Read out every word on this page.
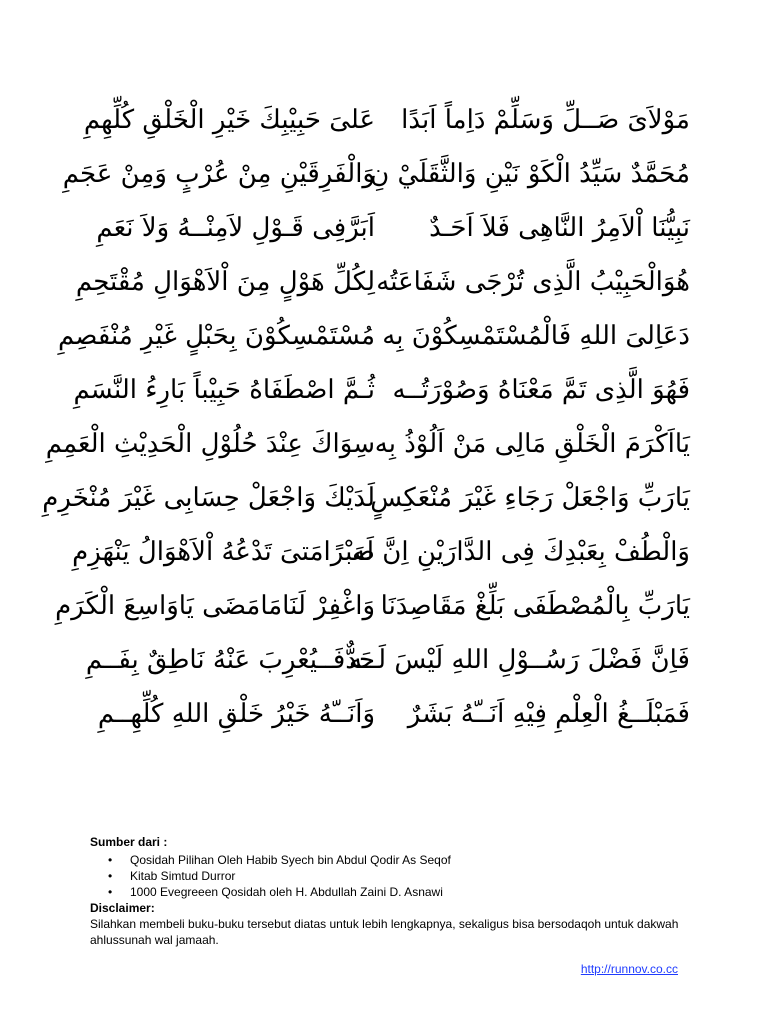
مَوْلاَىَ صَــلِّ وَسَلِّمْ دَاِماً اَبَدًا
عَلىَ حَبِيْبِكَ خَيْرِ الْخَلْقِ كُلِّهِمِ
مُحَمَّدٌ سَيِّدُ الْكَوْ نَيْنِ وَالثَّقَلَيْ نِ
وَالْفَرِقَيْنِ مِنْ عُرْبٍ وَمِنْ عَجَمِ
نَبِيُّنَا اْلاَمِرُ النَّاهِى فَلاَ اَحَـدٌ
اَبَرَّفِى قَـوْلِ لاَمِنْــهُ وَلاَ نَعَمِ
هُوَالْحَبِيْبُ الَّذِى تُرْجَى شَفَاعَتُه
لِكُلِّ هَوْلٍ مِنَ اْلاَهْوَالِ مُقْتَحِمِ
دَعَاِلىَ اللهِ فَالْمُسْتَمْسِكُوْنَ بِه
مُسْتَمْسِكُوْنَ بِحَبْلٍ غَيْرِ مُنْفَصِمِ
فَهُوَ الَّذِى تَمَّ مَعْنَاهُ وَصُوْرَتُــه
ثُـمَّ اصْطَفَاهُ حَبِيْباً بَارِءُ النَّسَمِ
يَااَكْرَمَ الْخَلْقِ مَالِى مَنْ اَلُوْذُ بِه
سِوَاكَ عِنْدَ حُلُوْلِ الْحَدِيْثِ الْعَمِمِ
يَارَبِّ وَاجْعَلْ رَجَاءِ غَيْرَ مُنْعَكِسٍ
لَدَيْكَ وَاجْعَلْ حِسَابِى غَيْرَ مُنْخَرِمِ
وَالْطُفْ بِعَبْدِكَ فِى الدَّارَيْنِ اِنَّ لَه
صَبْرًامَتىَ تَدْعُهُ اْلاَهْوَالُ يَنْهَزِمِ
يَارَبِّ بِالْمُصْطَفَى بَلِّغْ مَقَاصِدَنَا
وَاغْفِرْ لَنَامَامَضَى يَاوَاسِعَ الْكَرَمِ
فَاِنَّ فَضْلَ رَسُــوْلِ اللهِ لَيْسَ لَــه
حَدٌّفَــيُعْرِبَ عَنْهُ نَاطِقٌ بِفَــمِ
فَمَبْلَــغُ الْعِلْمِ فِيْهِ اَنَــّهُ بَشَرٌ
وَاَنَــّهُ خَيْرُ خَلْقِ اللهِ كُلِّهِــمِ
Sumber dari :
• Qosidah Pilihan Oleh Habib Syech bin Abdul Qodir As Seqof
• Kitab Simtud Durror
• 1000 Evegreeen Qosidah oleh H. Abdullah Zaini D. Asnawi
Disclaimer:

Silahkan membeli buku-buku tersebut diatas untuk lebih lengkapnya, sekaligus bisa bersodaqoh untuk dakwah ahlussunah wal jamaah.

http://runnov.co.cc
